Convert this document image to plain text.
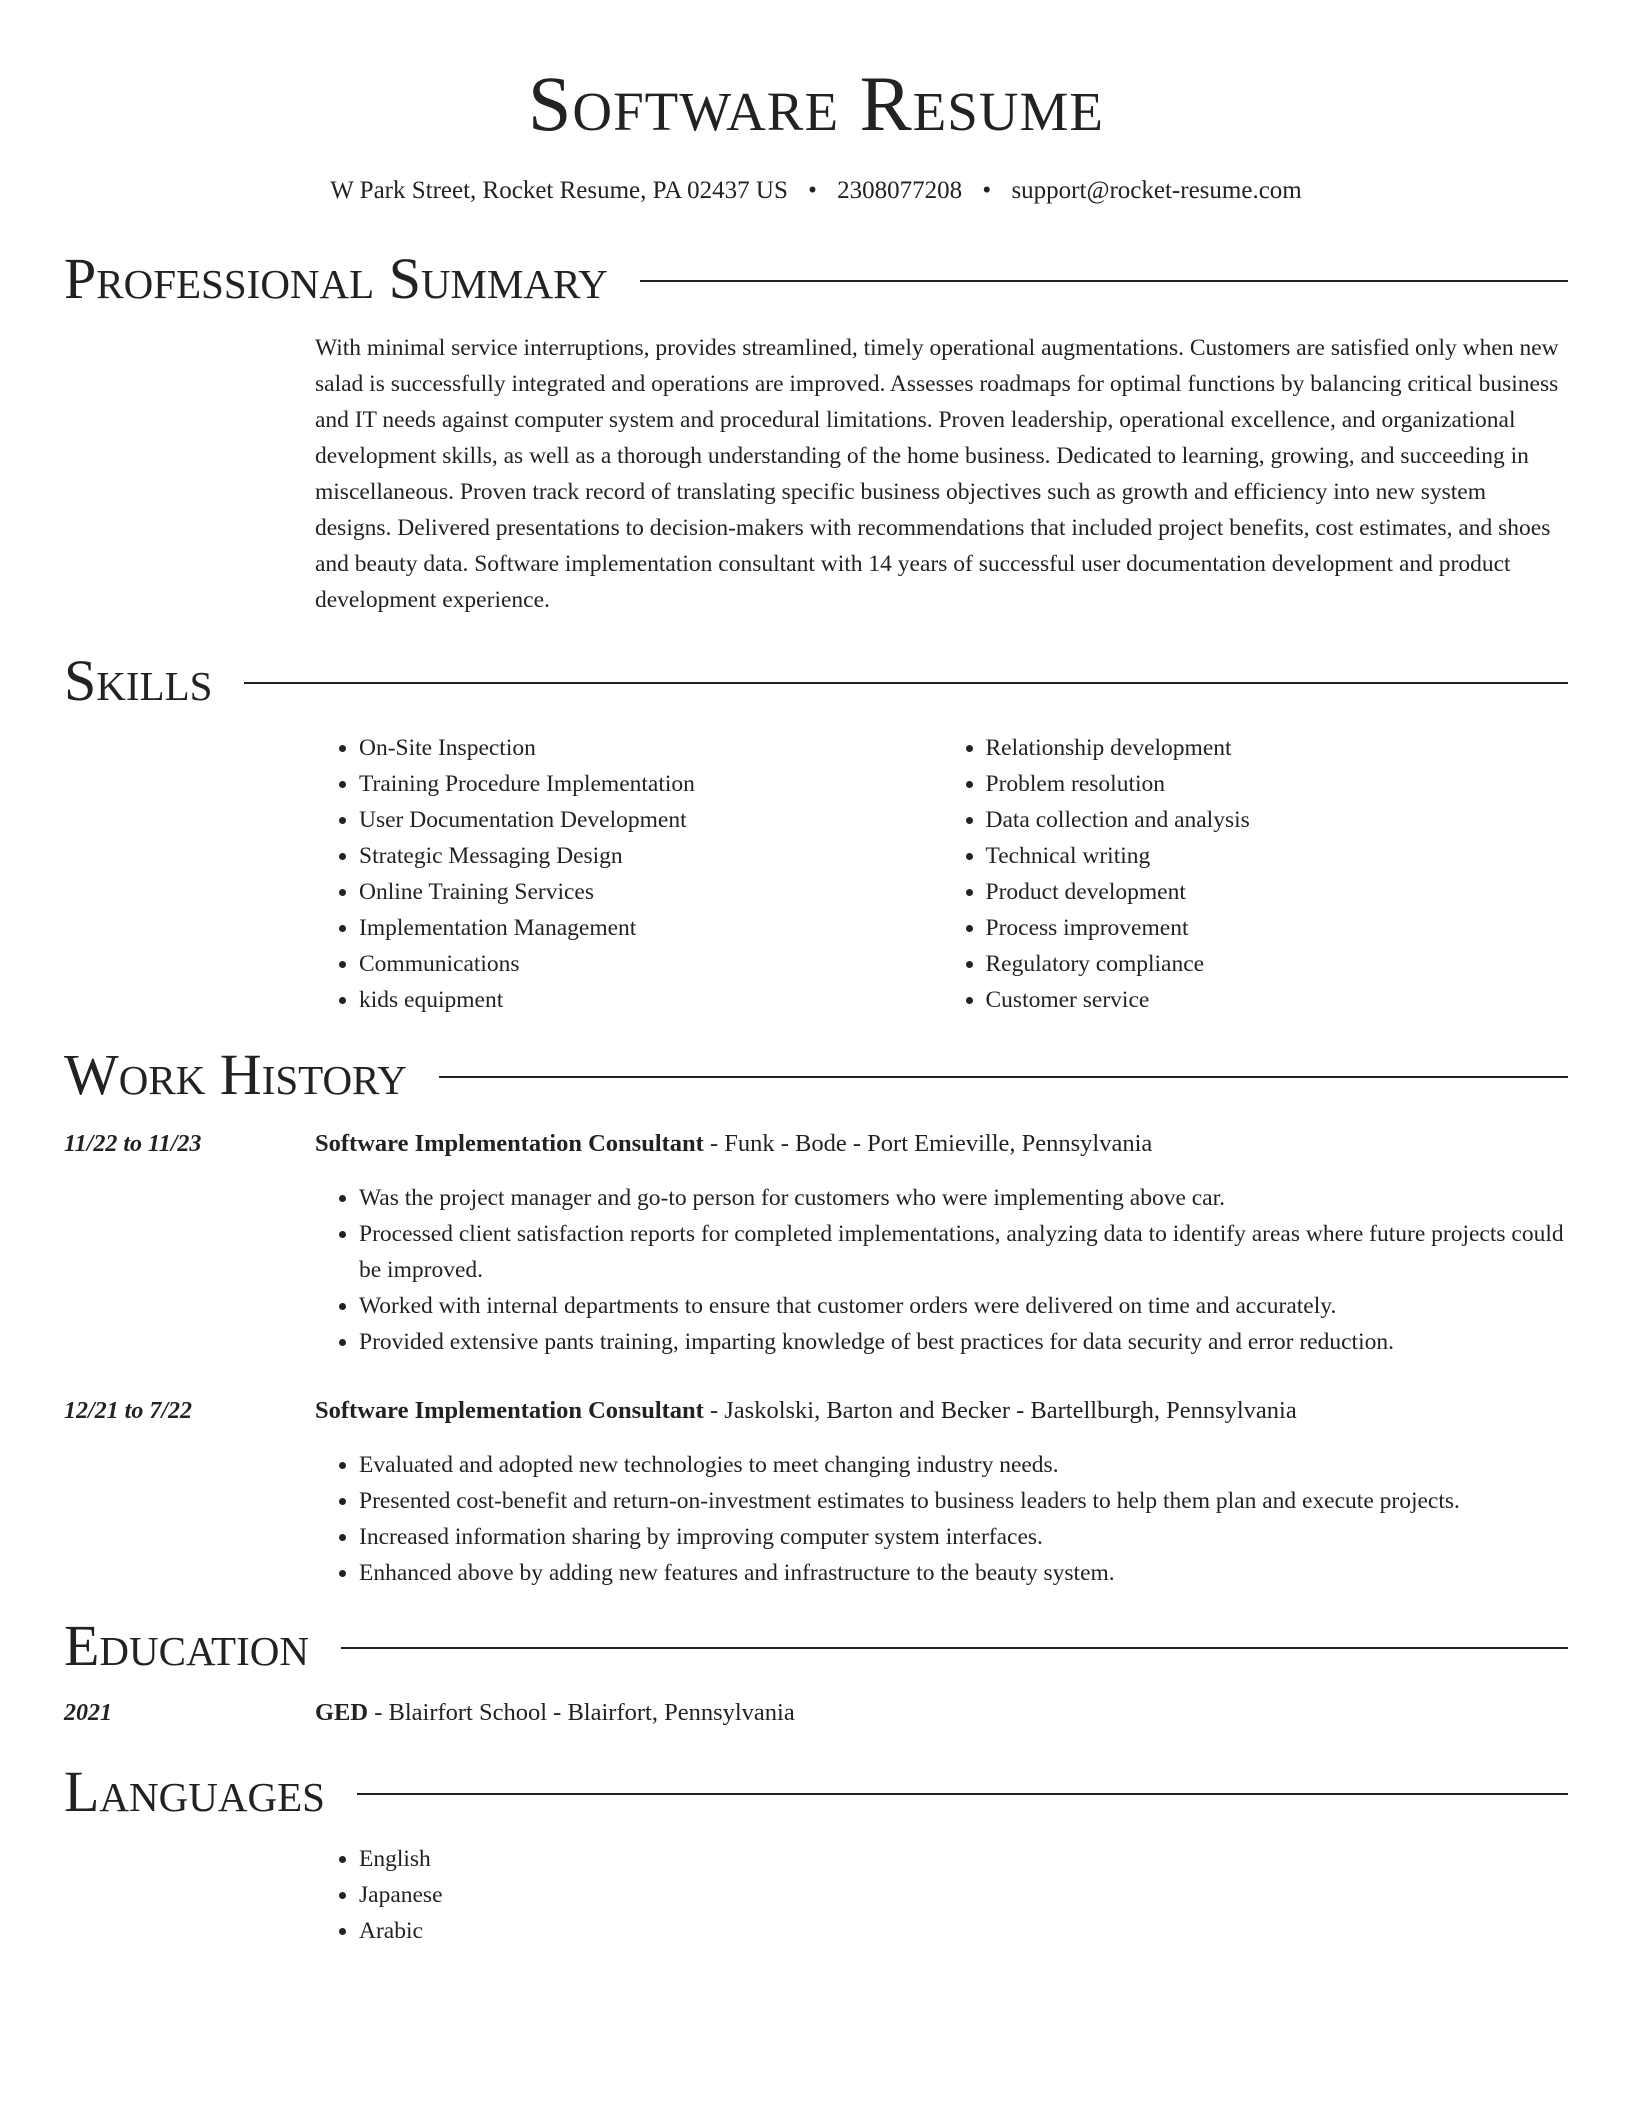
Software Resume
W Park Street, Rocket Resume, PA 02437 US • 2308077208 • support@rocket-resume.com
Professional Summary

With minimal service interruptions, provides streamlined, timely operational augmentations. Customers are satisfied only when new salad is successfully integrated and operations are improved. Assesses roadmaps for optimal functions by balancing critical business and IT needs against computer system and procedural limitations. Proven leadership, operational excellence, and organizational development skills, as well as a thorough understanding of the home business. Dedicated to learning, growing, and succeeding in miscellaneous. Proven track record of translating specific business objectives such as growth and efficiency into new system designs. Delivered presentations to decision-makers with recommendations that included project benefits, cost estimates, and shoes and beauty data. Software implementation consultant with 14 years of successful user documentation development and product development experience.

Skills
• On-Site Inspection
• Training Procedure Implementation
• User Documentation Development
• Strategic Messaging Design
• Online Training Services
• Implementation Management
• Communications
• kids equipment
• Relationship development
• Problem resolution
• Data collection and analysis
• Technical writing
• Product development
• Process improvement
• Regulatory compliance
• Customer service
Work History
11/22 to 11/23	Software Implementation Consultant - Funk - Bode - Port Emieville, Pennsylvania
• Was the project manager and go-to person for customers who were implementing above car.
• Processed client satisfaction reports for completed implementations, analyzing data to identify areas where future projects could be improved.
• Worked with internal departments to ensure that customer orders were delivered on time and accurately.
• Provided extensive pants training, imparting knowledge of best practices for data security and error reduction.
12/21 to 7/22	Software Implementation Consultant - Jaskolski, Barton and Becker - Bartellburgh, Pennsylvania
• Evaluated and adopted new technologies to meet changing industry needs.
• Presented cost-benefit and return-on-investment estimates to business leaders to help them plan and execute projects.
• Increased information sharing by improving computer system interfaces.
• Enhanced above by adding new features and infrastructure to the beauty system.
Education
2021	GED - Blairfort School - Blairfort, Pennsylvania
Languages
• English
• Japanese
• Arabic
